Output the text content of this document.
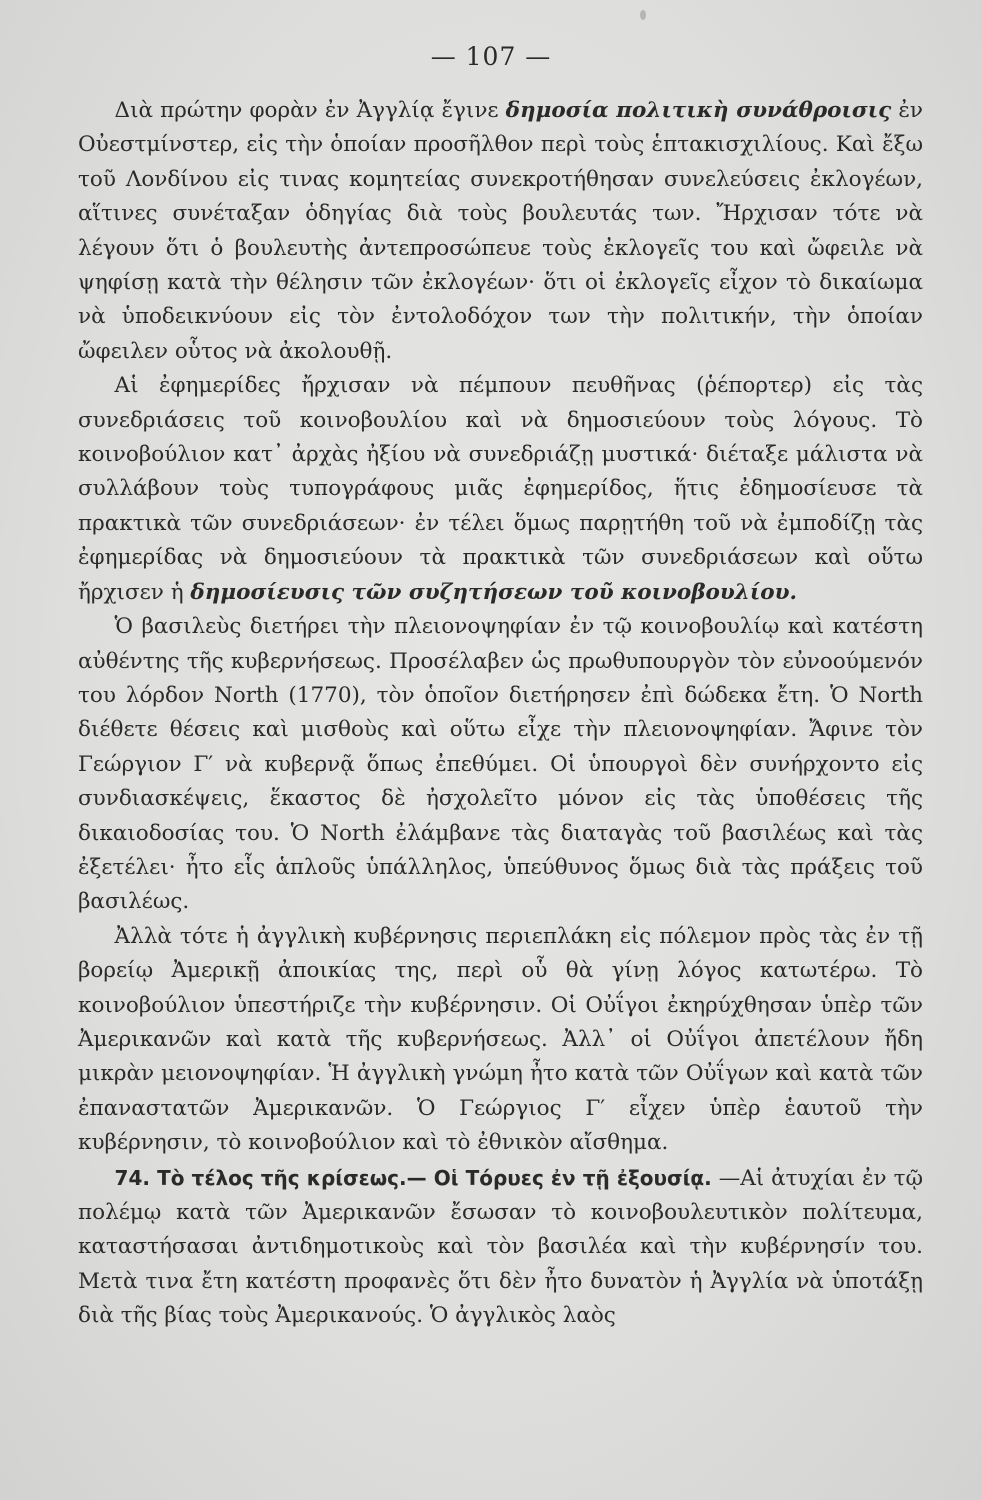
— 107 —

Διὰ πρώτην φορὰν ἐν Ἀγγλίᾳ ἔγινε δημοσία πολιτικὴ συνάθροισις ἐν Οὐεστμίνστερ, εἰς τὴν ὁποίαν προσῆλθον περὶ τοὺς ἑπτακισχιλίους. Καὶ ἔξω τοῦ Λονδίνου εἰς τινας κομητείας συνεκροτήθησαν συνελεύσεις ἐκλογέων, αἵτινες συνέταξαν ὁδηγίας διὰ τοὺς βουλευτάς των. Ἤρχισαν τότε νὰ λέγουν ὅτι ὁ βουλευτὴς ἀντεπροσώπευε τοὺς ἐκλογεῖς του καὶ ὤφειλε νὰ ψηφίσῃ κατὰ τὴν θέλησιν τῶν ἐκλογέων· ὅτι οἱ ἐκλογεῖς εἶχον τὸ δικαίωμα νὰ ὑποδεικνύουν εἰς τὸν ἐντολοδόχον των τὴν πολιτικήν, τὴν ὁποίαν ὤφειλεν οὗτος νὰ ἀκολουθῇ.

Αἱ ἐφημερίδες ἤρχισαν νὰ πέμπουν πευθῆνας (ῥέπορτερ) εἰς τὰς συνεδριάσεις τοῦ κοινοβουλίου καὶ νὰ δημοσιεύουν τοὺς λόγους. Τὸ κοινοβούλιον κατ᾽ ἀρχὰς ἠξίου νὰ συνεδριάζῃ μυστικά· διέταξε μάλιστα νὰ συλλάβουν τοὺς τυπογράφους μιᾶς ἐφημερίδος, ἥτις ἐδημοσίευσε τὰ πρακτικὰ τῶν συνεδριάσεων· ἐν τέλει ὅμως παρῃτήθη τοῦ νὰ ἐμποδίζῃ τὰς ἐφημερίδας νὰ δημοσιεύουν τὰ πρακτικὰ τῶν συνεδριάσεων καὶ οὕτω ἤρχισεν ἡ δημοσίευσις τῶν συζητήσεων τοῦ κοινοβουλίου.

Ὁ βασιλεὺς διετήρει τὴν πλειονοψηφίαν ἐν τῷ κοινοβουλίῳ καὶ κατέστη αὐθέντης τῆς κυβερνήσεως. Προσέλαβεν ὡς πρωθυπουργὸν τὸν εὐνοούμενόν του λόρδον North (1770), τὸν ὁποῖον διετήρησεν ἐπὶ δώδεκα ἔτη. Ὁ North διέθετε θέσεις καὶ μισθοὺς καὶ οὕτω εἶχε τὴν πλειονοψηφίαν. Ἄφινε τὸν Γεώργιον Γ′ νὰ κυβερνᾷ ὅπως ἐπεθύμει. Οἱ ὑπουργοὶ δὲν συνήρχοντο εἰς συνδιασκέψεις, ἕκαστος δὲ ἠσχολεῖτο μόνον εἰς τὰς ὑποθέσεις τῆς δικαιοδοσίας του. Ὁ North ἐλάμβανε τὰς διαταγὰς τοῦ βασιλέως καὶ τὰς ἐξετέλει· ἦτο εἷς ἁπλοῦς ὑπάλληλος, ὑπεύθυνος ὅμως διὰ τὰς πράξεις τοῦ βασιλέως.

Ἀλλὰ τότε ἡ ἀγγλικὴ κυβέρνησις περιεπλάκη εἰς πόλεμον πρὸς τὰς ἐν τῇ βορείῳ Ἀμερικῇ ἀποικίας της, περὶ οὗ θὰ γίνῃ λόγος κατωτέρω. Τὸ κοινοβούλιον ὑπεστήριζε τὴν κυβέρνησιν. Οἱ Οὐΐγοι ἐκηρύχθησαν ὑπὲρ τῶν Ἀμερικανῶν καὶ κατὰ τῆς κυβερνήσεως. Ἀλλ᾽ οἱ Οὐΐγοι ἀπετέλουν ἤδη μικρὰν μειονοψηφίαν. Ἡ ἀγγλικὴ γνώμη ἦτο κατὰ τῶν Οὐΐγων καὶ κατὰ τῶν ἐπαναστατῶν Ἀμερικανῶν. Ὁ Γεώργιος Γ′ εἶχεν ὑπὲρ ἑαυτοῦ τὴν κυβέρνησιν, τὸ κοινοβούλιον καὶ τὸ ἐθνικὸν αἴσθημα.

74. Τὸ τέλος τῆς κρίσεως.— Οἱ Τόρυες ἐν τῇ ἐξουσίᾳ. —Αἱ ἀτυχίαι ἐν τῷ πολέμῳ κατὰ τῶν Ἀμερικανῶν ἔσωσαν τὸ κοινοβουλευτικὸν πολίτευμα, καταστήσασαι ἀντιδημοτικοὺς καὶ τὸν βασιλέα καὶ τὴν κυβέρνησίν του. Μετὰ τινα ἔτη κατέστη προφανὲς ὅτι δὲν ἦτο δυνατὸν ἡ Ἀγγλία νὰ ὑποτάξῃ διὰ τῆς βίας τοὺς Ἀμερικανούς. Ὁ ἀγγλικὸς λαὸς
